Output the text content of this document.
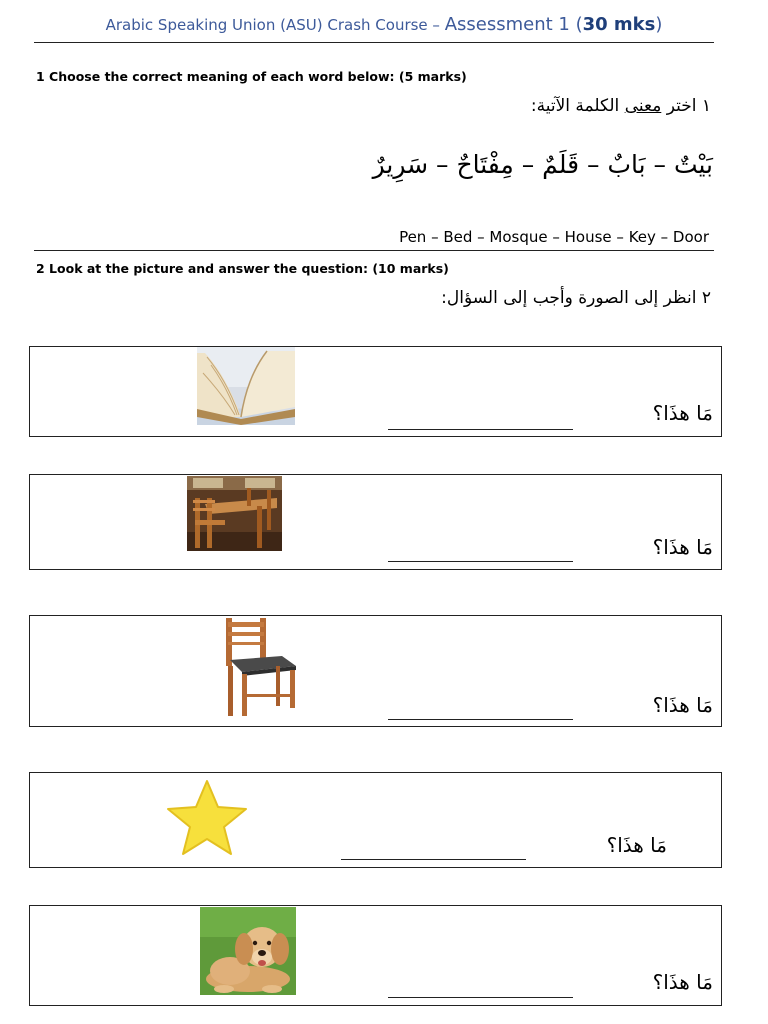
Arabic Speaking Union (ASU) Crash Course – Assessment 1 (30 mks)
1 Choose the correct meaning of each word below: (5 marks)
١ اختر معنى الكلمة الآتية:
بَيْتٌ – بَابٌ – قَلَمٌ – مِفْتَاحٌ – سَرِيرٌ
Pen – Bed – Mosque – House – Key – Door
2 Look at the picture and answer the question: (10 marks)
٢ انظر إلى الصورة وأجب إلى السؤال:
مَا هذَا؟
مَا هذَا؟
مَا هذَا؟
مَا هذَا؟
مَا هذَا؟
